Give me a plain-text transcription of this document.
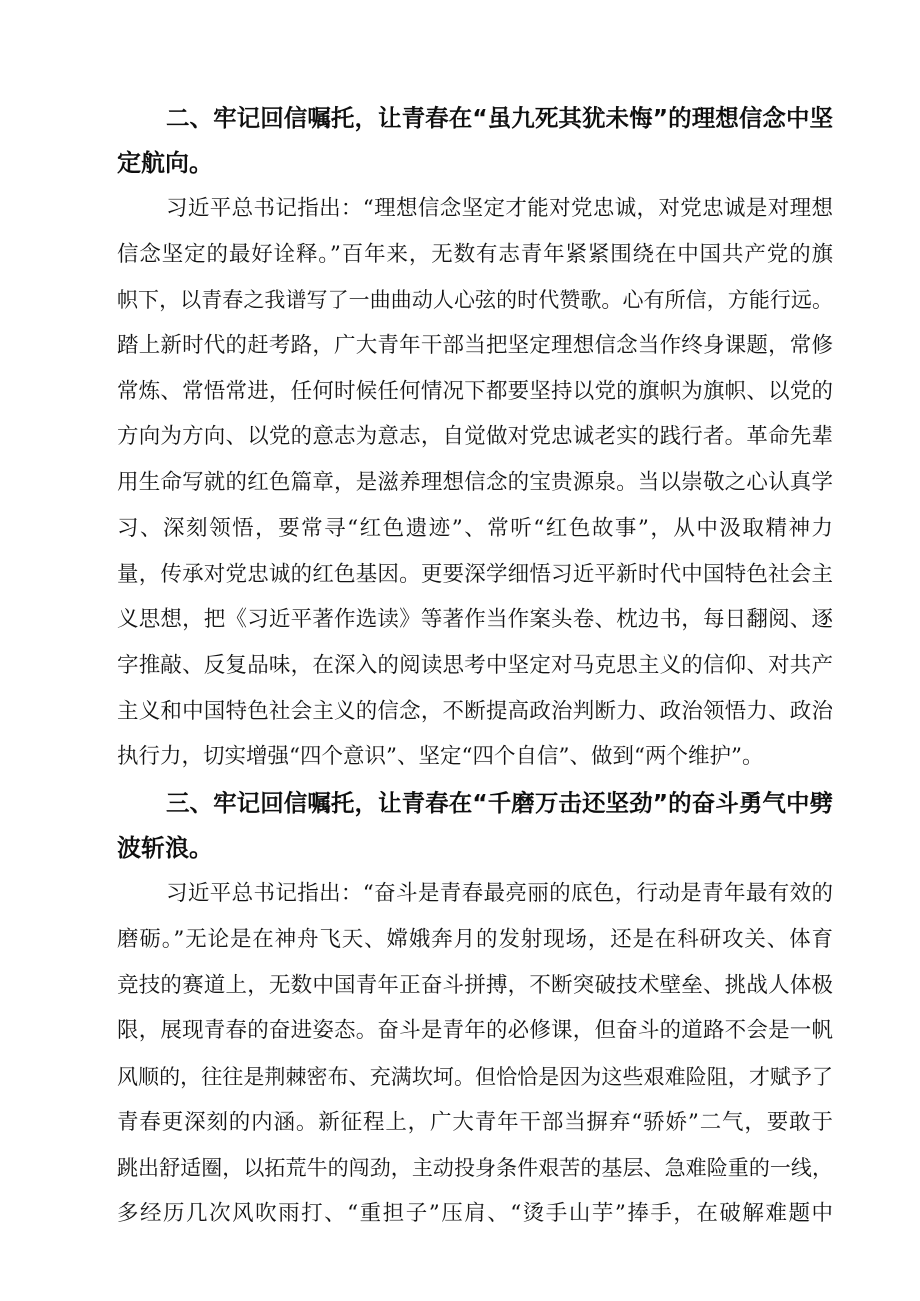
二、牢记回信嘱托，让青春在“虽九死其犹未悔”的理想信念中坚
定航向。
习近平总书记指出：“理想信念坚定才能对党忠诚，对党忠诚是对理想
信念坚定的最好诠释。”百年来，无数有志青年紧紧围绕在中国共产党的旗
帜下，以青春之我谱写了一曲曲动人心弦的时代赞歌。心有所信，方能行远。
踏上新时代的赶考路，广大青年干部当把坚定理想信念当作终身课题，常修
常炼、常悟常进，任何时候任何情况下都要坚持以党的旗帜为旗帜、以党的
方向为方向、以党的意志为意志，自觉做对党忠诚老实的践行者。革命先辈
用生命写就的红色篇章，是滋养理想信念的宝贵源泉。当以崇敬之心认真学
习、深刻领悟，要常寻“红色遗迹”、常听“红色故事”，从中汲取精神力
量，传承对党忠诚的红色基因。更要深学细悟习近平新时代中国特色社会主
义思想，把《习近平著作选读》等著作当作案头卷、枕边书，每日翻阅、逐
字推敲、反复品味，在深入的阅读思考中坚定对马克思主义的信仰、对共产
主义和中国特色社会主义的信念，不断提高政治判断力、政治领悟力、政治
执行力，切实增强“四个意识”、坚定“四个自信”、做到“两个维护”。
三、牢记回信嘱托，让青春在“千磨万击还坚劲”的奋斗勇气中劈
波斩浪。
习近平总书记指出：“奋斗是青春最亮丽的底色，行动是青年最有效的
磨砺。”无论是在神舟飞天、嫦娥奔月的发射现场，还是在科研攻关、体育
竞技的赛道上，无数中国青年正奋斗拼搏，不断突破技术壁垒、挑战人体极
限，展现青春的奋进姿态。奋斗是青年的必修课，但奋斗的道路不会是一帆
风顺的，往往是荆棘密布、充满坎坷。但恰恰是因为这些艰难险阻，才赋予了
青春更深刻的内涵。新征程上，广大青年干部当摒弃“骄娇”二气，要敢于
跳出舒适圈，以拓荒牛的闯劲，主动投身条件艰苦的基层、急难险重的一线，
多经历几次风吹雨打、“重担子”压肩、“烫手山芋”捧手，在破解难题中
